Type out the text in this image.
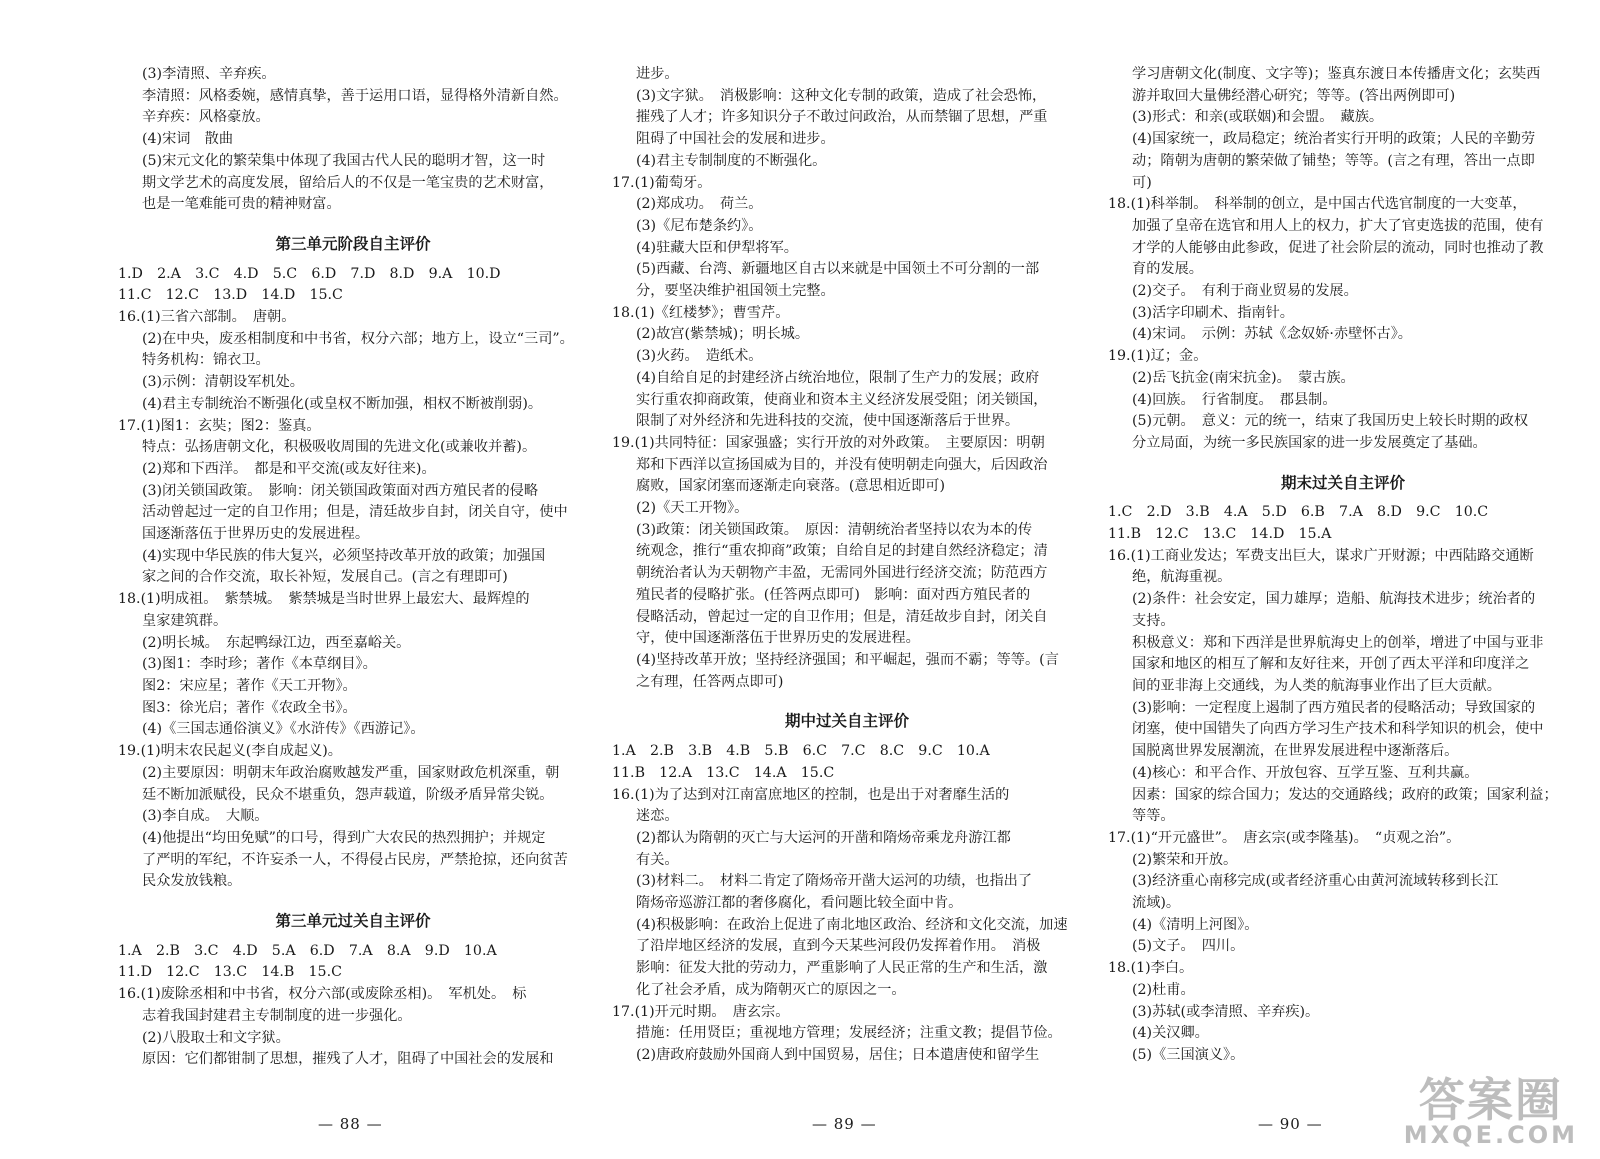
(3)李清照、辛弃疾。
李清照：风格委婉，感情真挚，善于运用口语，显得格外清新自然。
辛弃疾：风格豪放。
(4)宋词　散曲
(5)宋元文化的繁荣集中体现了我国古代人民的聪明才智，这一时
期文学艺术的高度发展，留给后人的不仅是一笔宝贵的艺术财富，
也是一笔难能可贵的精神财富。
第三单元阶段自主评价
1.D　2.A　3.C　4.D　5.C　6.D　7.D　8.D　9.A　10.D
11.C　12.C　13.D　14.D　15.C
16.(1)三省六部制。　唐朝。
(2)在中央，废丞相制度和中书省，权分六部；地方上，设立“三司”。
特务机构：锦衣卫。
(3)示例：清朝设军机处。
(4)君主专制统治不断强化(或皇权不断加强，相权不断被削弱)。
17.(1)图1：玄奘；图2：鉴真。
特点：弘扬唐朝文化，积极吸收周围的先进文化(或兼收并蓄)。
(2)郑和下西洋。　都是和平交流(或友好往来)。
(3)闭关锁国政策。　影响：闭关锁国政策面对西方殖民者的侵略
活动曾起过一定的自卫作用；但是，清廷故步自封，闭关自守，使中
国逐渐落伍于世界历史的发展进程。
(4)实现中华民族的伟大复兴，必须坚持改革开放的政策；加强国
家之间的合作交流，取长补短，发展自己。(言之有理即可)
18.(1)明成祖。　紫禁城。　紫禁城是当时世界上最宏大、最辉煌的
皇家建筑群。
(2)明长城。　东起鸭绿江边，西至嘉峪关。
(3)图1：李时珍；著作《本草纲目》。
图2：宋应星；著作《天工开物》。
图3：徐光启；著作《农政全书》。
(4)《三国志通俗演义》《水浒传》《西游记》。
19.(1)明末农民起义(李自成起义)。
(2)主要原因：明朝末年政治腐败越发严重，国家财政危机深重，朝
廷不断加派赋役，民众不堪重负，怨声载道，阶级矛盾异常尖锐。
(3)李自成。　大顺。
(4)他提出“均田免赋”的口号，得到广大农民的热烈拥护；并规定
了严明的军纪，不许妄杀一人，不得侵占民房，严禁抢掠，还向贫苦
民众发放钱粮。
第三单元过关自主评价
1.A　2.B　3.C　4.D　5.A　6.D　7.A　8.A　9.D　10.A
11.D　12.C　13.C　14.B　15.C
16.(1)废除丞相和中书省，权分六部(或废除丞相)。　军机处。　标
志着我国封建君主专制制度的进一步强化。
(2)八股取士和文字狱。
原因：它们都钳制了思想，摧残了人才，阻碍了中国社会的发展和
进步。
(3)文字狱。　消极影响：这种文化专制的政策，造成了社会恐怖，
摧残了人才；许多知识分子不敢过问政治，从而禁锢了思想，严重
阻碍了中国社会的发展和进步。
(4)君主专制制度的不断强化。
17.(1)葡萄牙。
(2)郑成功。　荷兰。
(3)《尼布楚条约》。
(4)驻藏大臣和伊犁将军。
(5)西藏、台湾、新疆地区自古以来就是中国领土不可分割的一部
分，要坚决维护祖国领土完整。
18.(1)《红楼梦》；曹雪芹。
(2)故宫(紫禁城)；明长城。
(3)火药。　造纸术。
(4)自给自足的封建经济占统治地位，限制了生产力的发展；政府
实行重农抑商政策，使商业和资本主义经济发展受阻；闭关锁国，
限制了对外经济和先进科技的交流，使中国逐渐落后于世界。
19.(1)共同特征：国家强盛；实行开放的对外政策。　主要原因：明朝
郑和下西洋以宣扬国威为目的，并没有使明朝走向强大，后因政治
腐败，国家闭塞而逐渐走向衰落。(意思相近即可)
(2)《天工开物》。
(3)政策：闭关锁国政策。　原因：清朝统治者坚持以农为本的传
统观念，推行“重农抑商”政策；自给自足的封建自然经济稳定；清
朝统治者认为天朝物产丰盈，无需同外国进行经济交流；防范西方
殖民者的侵略扩张。(任答两点即可)　影响：面对西方殖民者的
侵略活动，曾起过一定的自卫作用；但是，清廷故步自封，闭关自
守，使中国逐渐落伍于世界历史的发展进程。
(4)坚持改革开放；坚持经济强国；和平崛起，强而不霸；等等。(言
之有理，任答两点即可)
期中过关自主评价
1.A　2.B　3.B　4.B　5.B　6.C　7.C　8.C　9.C　10.A
11.B　12.A　13.C　14.A　15.C
16.(1)为了达到对江南富庶地区的控制，也是出于对奢靡生活的
迷恋。
(2)都认为隋朝的灭亡与大运河的开凿和隋炀帝乘龙舟游江都
有关。
(3)材料二。　材料二肯定了隋炀帝开凿大运河的功绩，也指出了
隋炀帝巡游江都的奢侈腐化，看问题比较全面中肯。
(4)积极影响：在政治上促进了南北地区政治、经济和文化交流，加速
了沿岸地区经济的发展，直到今天某些河段仍发挥着作用。　消极
影响：征发大批的劳动力，严重影响了人民正常的生产和生活，激
化了社会矛盾，成为隋朝灭亡的原因之一。
17.(1)开元时期。　唐玄宗。
措施：任用贤臣；重视地方管理；发展经济；注重文教；提倡节俭。
(2)唐政府鼓励外国商人到中国贸易，居住；日本遣唐使和留学生
学习唐朝文化(制度、文字等)；鉴真东渡日本传播唐文化；玄奘西
游并取回大量佛经潜心研究；等等。(答出两例即可)
(3)形式：和亲(或联姻)和会盟。　藏族。
(4)国家统一，政局稳定；统治者实行开明的政策；人民的辛勤劳
动；隋朝为唐朝的繁荣做了铺垫；等等。(言之有理，答出一点即
可)
18.(1)科举制。　科举制的创立，是中国古代选官制度的一大变革，
加强了皇帝在选官和用人上的权力，扩大了官吏选拔的范围，使有
才学的人能够由此参政，促进了社会阶层的流动，同时也推动了教
育的发展。
(2)交子。　有利于商业贸易的发展。
(3)活字印刷术、指南针。
(4)宋词。　示例：苏轼《念奴娇·赤壁怀古》。
19.(1)辽；金。
(2)岳飞抗金(南宋抗金)。　蒙古族。
(4)回族。　行省制度。　郡县制。
(5)元朝。　意义：元的统一，结束了我国历史上较长时期的政权
分立局面，为统一多民族国家的进一步发展奠定了基础。
期末过关自主评价
1.C　2.D　3.B　4.A　5.D　6.B　7.A　8.D　9.C　10.C
11.B　12.C　13.C　14.D　15.A
16.(1)工商业发达；军费支出巨大，谋求广开财源；中西陆路交通断
绝，航海重视。
(2)条件：社会安定，国力雄厚；造船、航海技术进步；统治者的
支持。
积极意义：郑和下西洋是世界航海史上的创举，增进了中国与亚非
国家和地区的相互了解和友好往来，开创了西太平洋和印度洋之
间的亚非海上交通线，为人类的航海事业作出了巨大贡献。
(3)影响：一定程度上遏制了西方殖民者的侵略活动；导致国家的
闭塞，使中国错失了向西方学习生产技术和科学知识的机会，使中
国脱离世界发展潮流，在世界发展进程中逐渐落后。
(4)核心：和平合作、开放包容、互学互鉴、互利共赢。
因素：国家的综合国力；发达的交通路线；政府的政策；国家利益；
等等。
17.(1)“开元盛世”。　唐玄宗(或李隆基)。　“贞观之治”。
(2)繁荣和开放。
(3)经济重心南移完成(或者经济重心由黄河流域转移到长江
流域)。
(4)《清明上河图》。
(5)文子。　四川。
18.(1)李白。
(2)杜甫。
(3)苏轼(或李清照、辛弃疾)。
(4)关汉卿。
(5)《三国演义》。
— 88 —	— 89 —	— 90 —	答案圈
MXQE.COM
